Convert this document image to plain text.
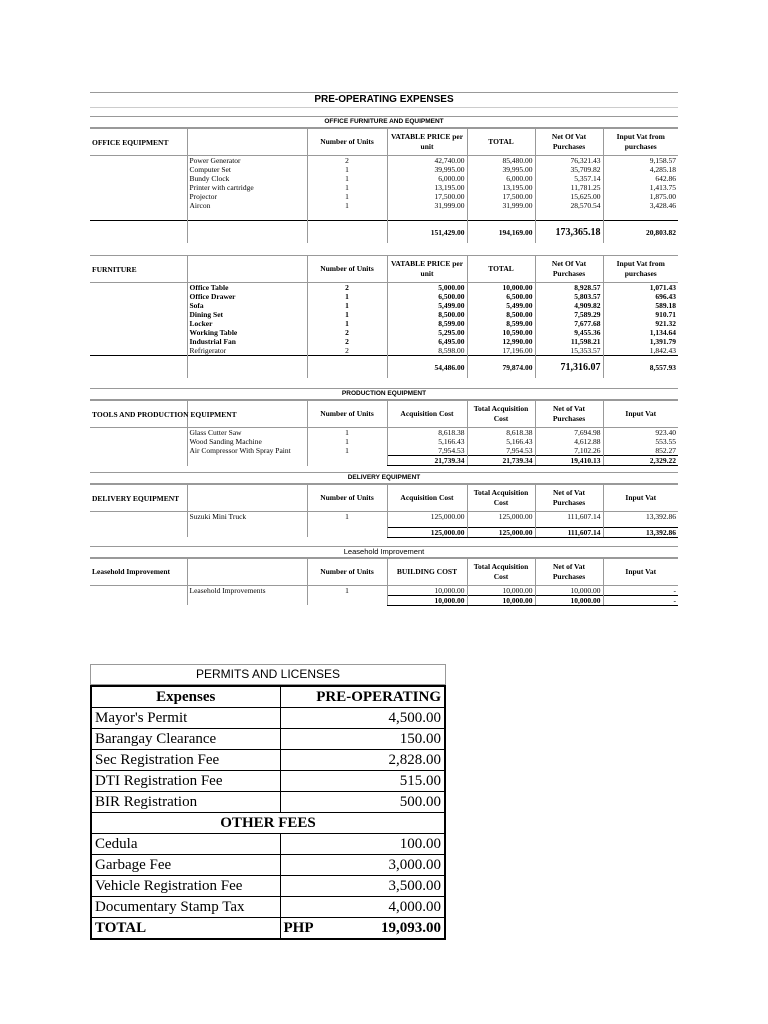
PRE-OPERATING EXPENSES
OFFICE FURNITURE AND EQUIPMENT
OFFICE EQUIPMENT		Number of Units	VATABLE PRICE per unit	TOTAL	Net Of Vat Purchases	Input Vat from purchases
	Power Generator	2	42,740.00	85,480.00	76,321.43	9,158.57
	Computer Set	1	39,995.00	39,995.00	35,709.82	4,285.18
	Bundy Clock	1	6,000.00	6,000.00	5,357.14	642.86
	Printer with cartridge	1	13,195.00	13,195.00	11,781.25	1,413.75
	Projector	1	17,500.00	17,500.00	15,625.00	1,875.00
	Aircon	1	31,999.00	31,999.00	28,570.54	3,428.46

			151,429.00	194,169.00	173,365.18	20,803.82
FURNITURE		Number of Units	VATABLE PRICE per unit	TOTAL	Net Of Vat Purchases	Input Vat from purchases
	Office Table	2	5,000.00	10,000.00	8,928.57	1,071.43
	Office Drawer	1	6,500.00	6,500.00	5,803.57	696.43
	Sofa	1	5,499.00	5,499.00	4,909.82	589.18
	Dining Set	1	8,500.00	8,500.00	7,589.29	910.71
	Locker	1	8,599.00	8,599.00	7,677.68	921.32
	Working Table	2	5,295.00	10,590.00	9,455.36	1,134.64
	Industrial Fan	2	6,495.00	12,990.00	11,598.21	1,391.79
	Refrigerator	2	8,598.00	17,196.00	15,353.57	1,842.43
			54,486.00	79,874.00	71,316.07	8,557.93
PRODUCTION EQUIPMENT
TOOLS AND PRODUCTION EQUIPMENT		Number of Units	Acquisition Cost	Total Acquisition Cost	Net of Vat Purchases	Input Vat
	Glass Cutter Saw	1	8,618.38	8,618.38	7,694.98	923.40
	Wood Sanding Machine	1	5,166.43	5,166.43	4,612.88	553.55
	Air Compressor With Spray Paint	1	7,954.53	7,954.53	7,102.26	852.27
			21,739.34	21,739.34	19,410.13	2,329.22
DELIVERY EQUIPMENT
DELIVERY EQUIPMENT		Number of Units	Acquisition Cost	Total Acquisition Cost	Net of Vat Purchases	Input Vat
	Suzuki Mini Truck	1	125,000.00	125,000.00	111,607.14	13,392.86

			125,000.00	125,000.00	111,607.14	13,392.86
Leasehold Improvement
Leasehold Improvement		Number of Units	BUILDING COST	Total Acquisition Cost	Net of Vat Purchases	Input Vat
	Leasehold Improvements	1	10,000.00	10,000.00	10,000.00	-
			10,000.00	10,000.00	10,000.00	-
PERMITS AND LICENSES
Expenses	PRE-OPERATING
Mayor's Permit	4,500.00
Barangay Clearance	150.00
Sec Registration Fee	2,828.00
DTI Registration Fee	515.00
BIR Registration	500.00
OTHER FEES	
Cedula	100.00
Garbage Fee	3,000.00
Vehicle Registration Fee	3,500.00
Documentary Stamp Tax	4,000.00
TOTAL	PHP 19,093.00
